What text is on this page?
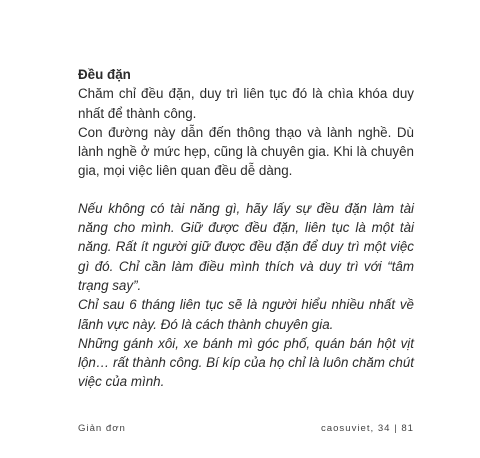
Đều đặn

Chăm chỉ đều đặn, duy trì liên tục đó là chìa khóa duy nhất để thành công.

Con đường này dẫn đến thông thạo và lành nghề. Dù lành nghề ở mức hẹp, cũng là chuyên gia. Khi là chuyên gia, mọi việc liên quan đều dễ dàng.

Nếu không có tài năng gì, hãy lấy sự đều đặn làm tài năng cho mình. Giữ được đều đặn, liên tục là một tài năng. Rất ít người giữ được đều đặn để duy trì một việc gì đó. Chỉ cần làm điều mình thích và duy trì với “tâm trạng say”.

Chỉ sau 6 tháng liên tục sẽ là người hiểu nhiều nhất về lãnh vực này. Đó là cách thành chuyên gia.

Những gánh xôi, xe bánh mì góc phố, quán bán hột vịt lộn… rất thành công. Bí kíp của họ chỉ là luôn chăm chút việc của mình.

Giản đơn	caosuviet, 34 | 81
